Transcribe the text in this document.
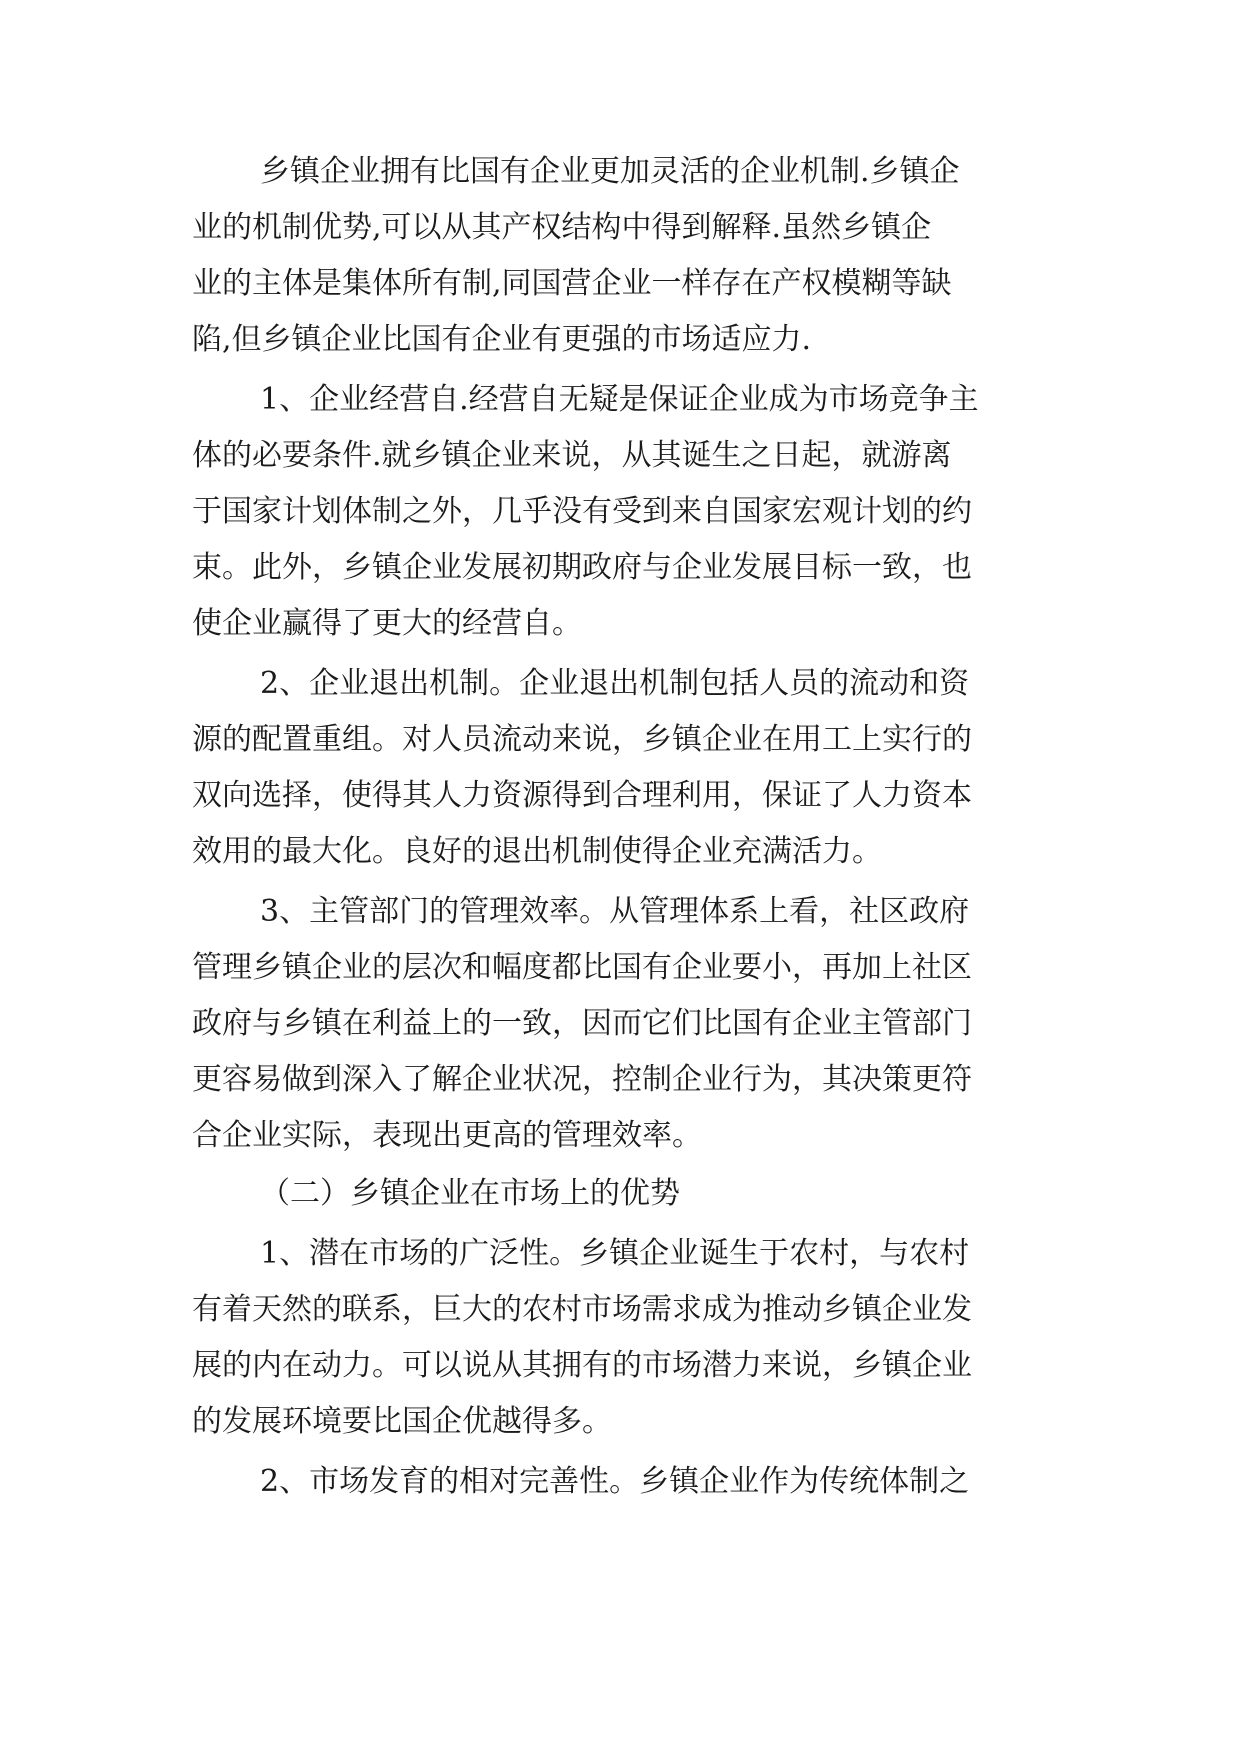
乡镇企业拥有比国有企业更加灵活的企业机制.乡镇企
业的机制优势,可以从其产权结构中得到解释.虽然乡镇企
业的主体是集体所有制,同国营企业一样存在产权模糊等缺
陷,但乡镇企业比国有企业有更强的市场适应力.
1、企业经营自.经营自无疑是保证企业成为市场竞争主
体的必要条件.就乡镇企业来说，从其诞生之日起，就游离
于国家计划体制之外，几乎没有受到来自国家宏观计划的约
束。此外，乡镇企业发展初期政府与企业发展目标一致，也
使企业赢得了更大的经营自。
2、企业退出机制。企业退出机制包括人员的流动和资
源的配置重组。对人员流动来说，乡镇企业在用工上实行的
双向选择，使得其人力资源得到合理利用，保证了人力资本
效用的最大化。良好的退出机制使得企业充满活力。
3、主管部门的管理效率。从管理体系上看，社区政府
管理乡镇企业的层次和幅度都比国有企业要小，再加上社区
政府与乡镇在利益上的一致，因而它们比国有企业主管部门
更容易做到深入了解企业状况，控制企业行为，其决策更符
合企业实际，表现出更高的管理效率。
（二）乡镇企业在市场上的优势
1、潜在市场的广泛性。乡镇企业诞生于农村，与农村
有着天然的联系，巨大的农村市场需求成为推动乡镇企业发
展的内在动力。可以说从其拥有的市场潜力来说，乡镇企业
的发展环境要比国企优越得多。
2、市场发育的相对完善性。乡镇企业作为传统体制之
